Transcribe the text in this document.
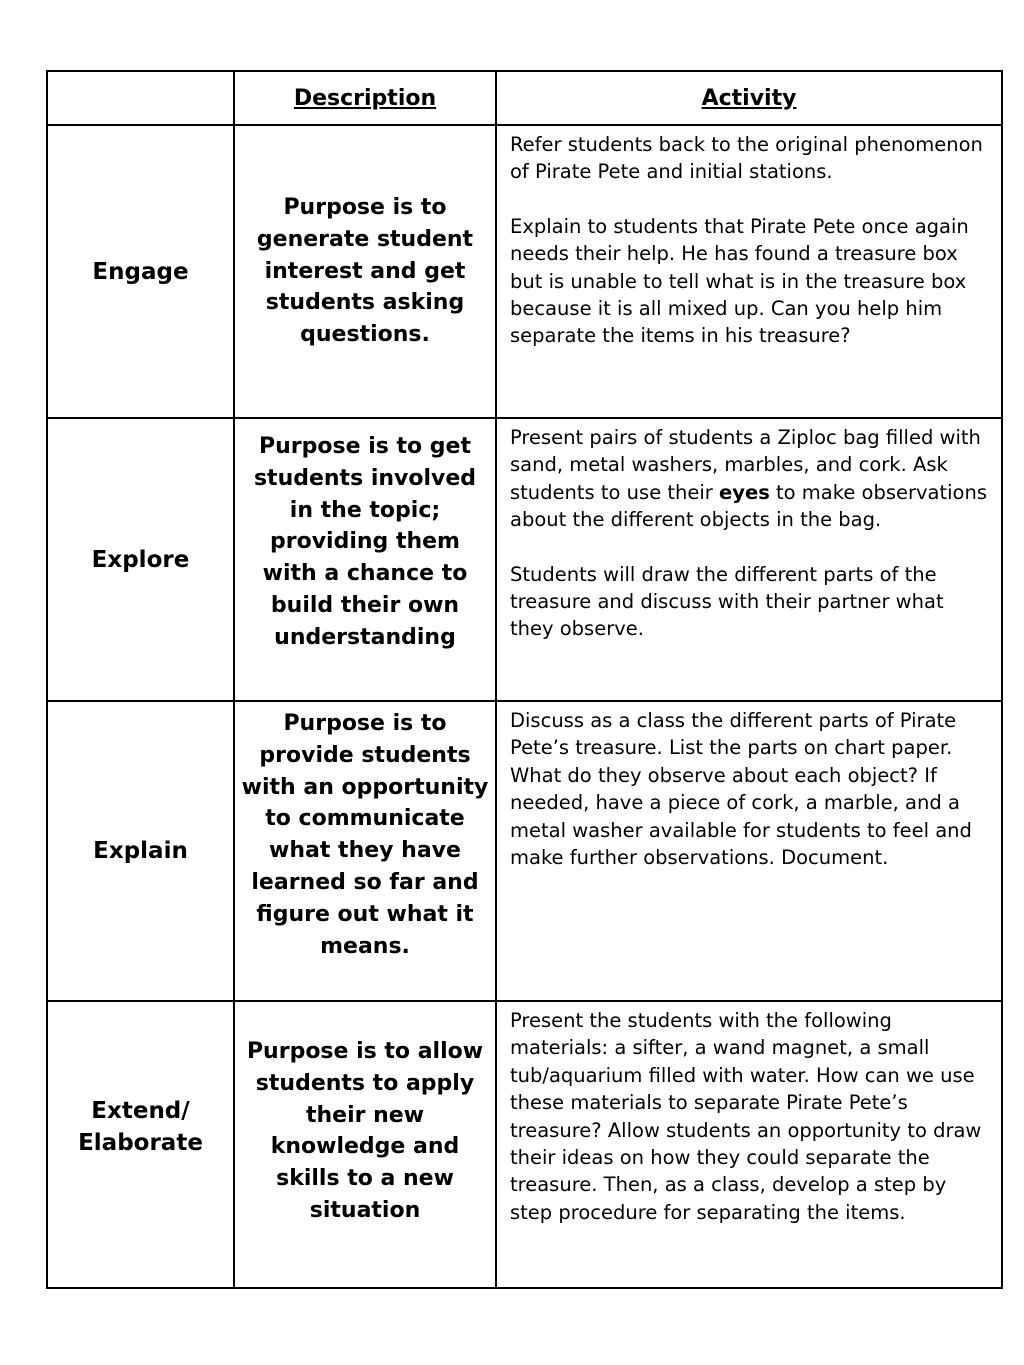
	Description	Activity
Engage	Purpose is to generate student interest and get students asking questions.	Refer students back to the original phenomenon of Pirate Pete and initial stations.

Explain to students that Pirate Pete once again needs their help. He has found a treasure box but is unable to tell what is in the treasure box because it is all mixed up. Can you help him separate the items in his treasure?

Explore	Purpose is to get students involved in the topic; providing them with a chance to build their own understanding	Present pairs of students a Ziploc bag filled with sand, metal washers, marbles, and cork. Ask students to use their eyes to make observations about the different objects in the bag.

Students will draw the different parts of the treasure and discuss with their partner what they observe.

Explain	Purpose is to provide students with an opportunity to communicate what they have learned so far and figure out what it means.	Discuss as a class the different parts of Pirate Pete’s treasure. List the parts on chart paper. What do they observe about each object? If needed, have a piece of cork, a marble, and a metal washer available for students to feel and make further observations. Document.

Extend/ Elaborate	Purpose is to allow students to apply their new knowledge and skills to a new situation	Present the students with the following materials: a sifter, a wand magnet, a small tub/aquarium filled with water. How can we use these materials to separate Pirate Pete’s treasure? Allow students an opportunity to draw their ideas on how they could separate the treasure. Then, as a class, develop a step by step procedure for separating the items.
